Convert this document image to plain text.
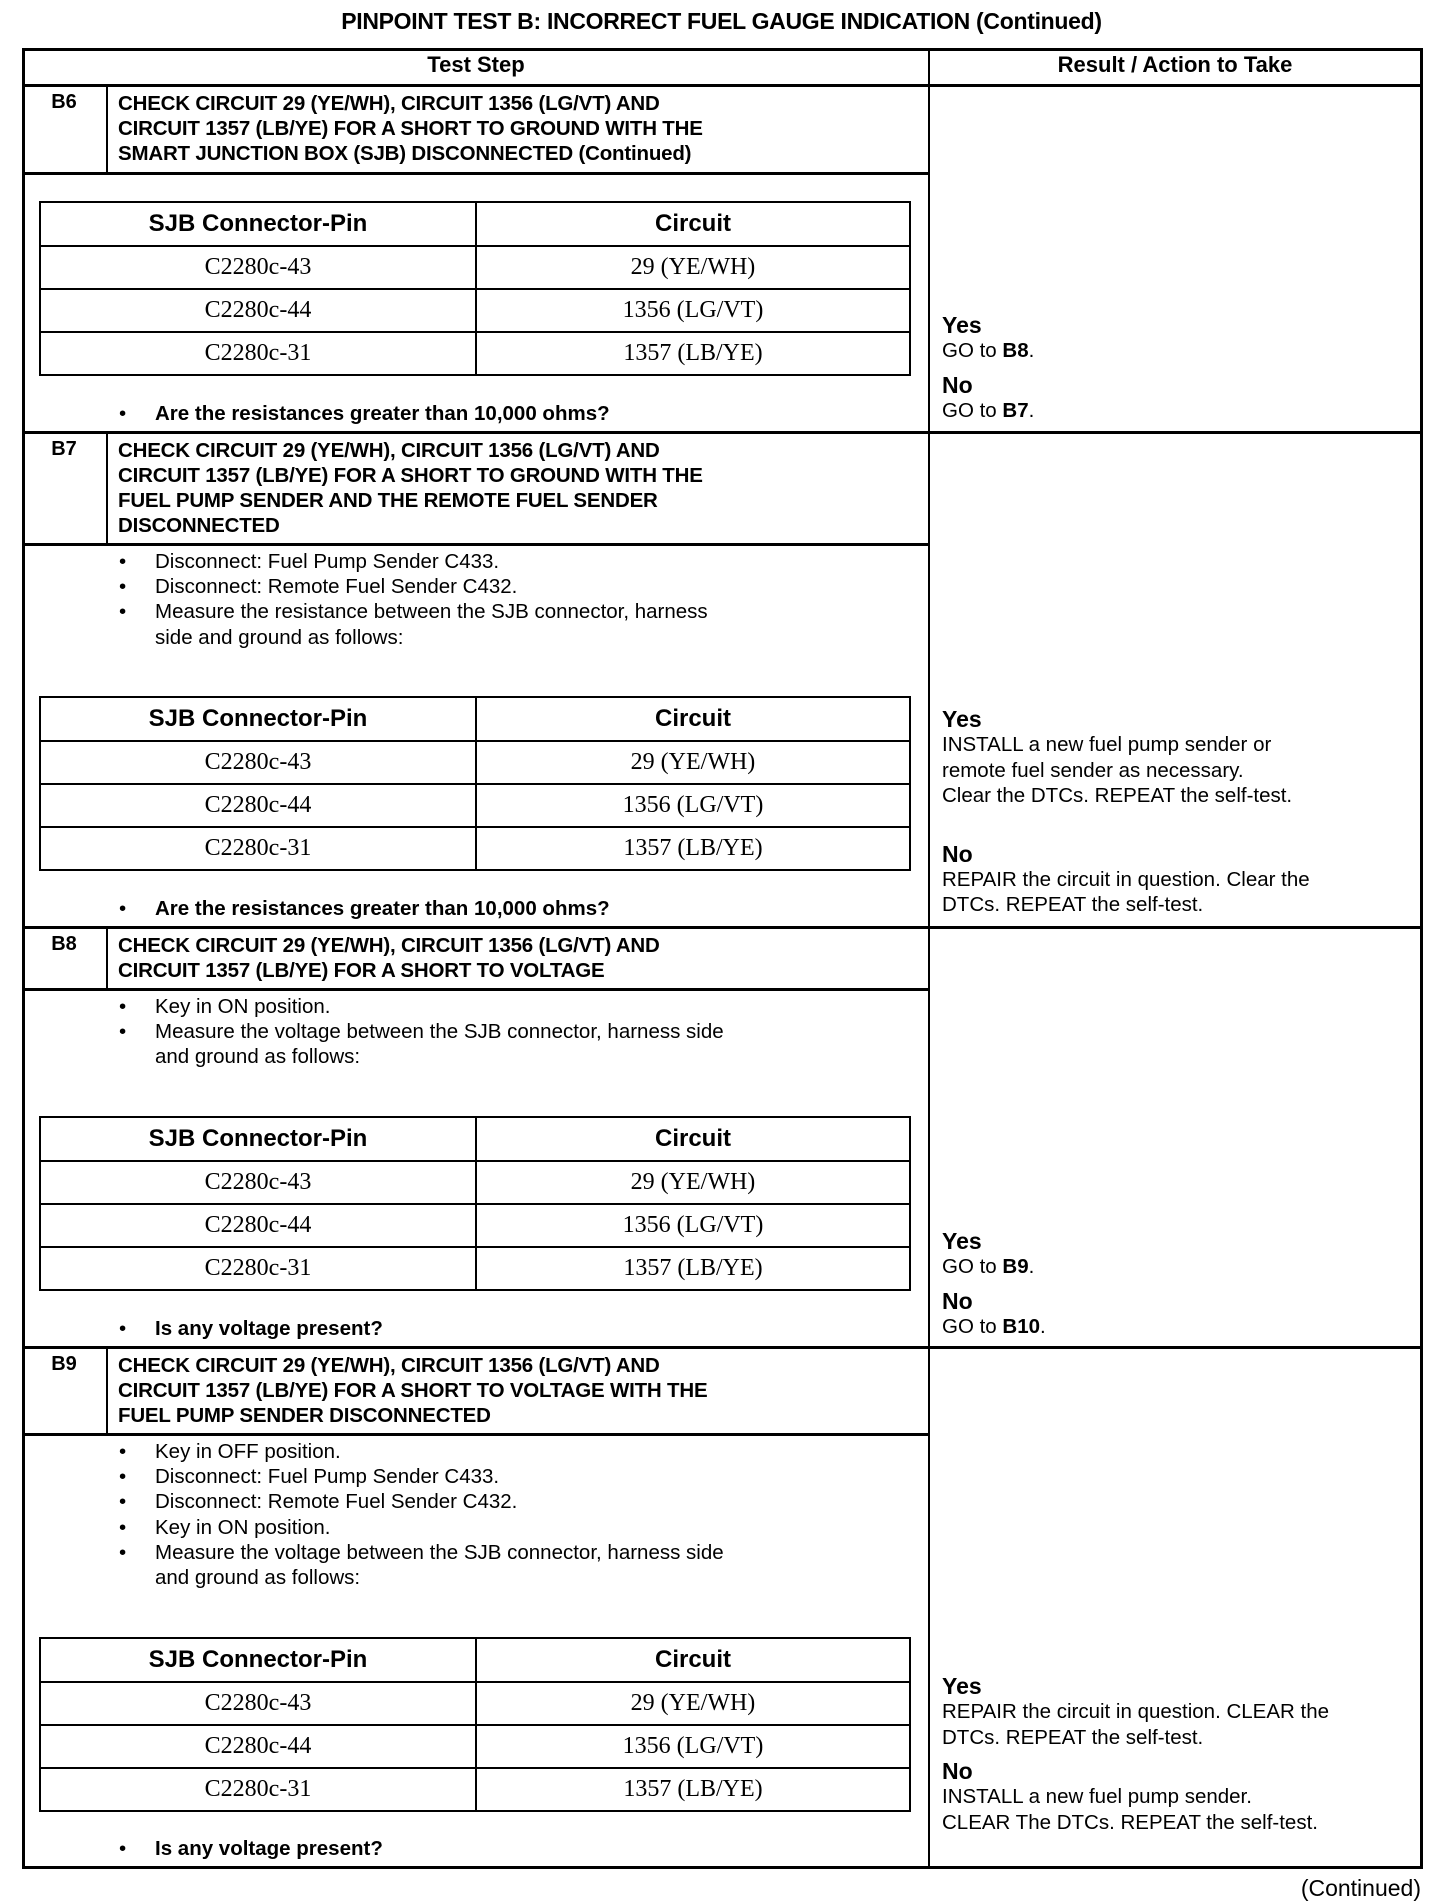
PINPOINT TEST B: INCORRECT FUEL GAUGE INDICATION (Continued)
Test Step	Result / Action to Take
B6	CHECK CIRCUIT 29 (YE/WH), CIRCUIT 1356 (LG/VT) AND
CIRCUIT 1357 (LB/YE) FOR A SHORT TO GROUND WITH THE
SMART JUNCTION BOX (SJB) DISCONNECTED (Continued)
SJB Connector-Pin	Circuit
C2280c-43	29 (YE/WH)
C2280c-44	1356 (LG/VT)
C2280c-31	1357 (LB/YE)
• Are the resistances greater than 10,000 ohms?
Yes
GO to B8.
No
GO to B7.
B7	CHECK CIRCUIT 29 (YE/WH), CIRCUIT 1356 (LG/VT) AND
CIRCUIT 1357 (LB/YE) FOR A SHORT TO GROUND WITH THE
FUEL PUMP SENDER AND THE REMOTE FUEL SENDER
DISCONNECTED
• Disconnect: Fuel Pump Sender C433.
• Disconnect: Remote Fuel Sender C432.
• Measure the resistance between the SJB connector, harness
side and ground as follows:
SJB Connector-Pin	Circuit
C2280c-43	29 (YE/WH)
C2280c-44	1356 (LG/VT)
C2280c-31	1357 (LB/YE)
• Are the resistances greater than 10,000 ohms?
Yes
INSTALL a new fuel pump sender or
remote fuel sender as necessary.
Clear the DTCs. REPEAT the self-test.
No
REPAIR the circuit in question. Clear the
DTCs. REPEAT the self-test.
B8	CHECK CIRCUIT 29 (YE/WH), CIRCUIT 1356 (LG/VT) AND
CIRCUIT 1357 (LB/YE) FOR A SHORT TO VOLTAGE
• Key in ON position.
• Measure the voltage between the SJB connector, harness side
and ground as follows:
SJB Connector-Pin	Circuit
C2280c-43	29 (YE/WH)
C2280c-44	1356 (LG/VT)
C2280c-31	1357 (LB/YE)
• Is any voltage present?
Yes
GO to B9.
No
GO to B10.
B9	CHECK CIRCUIT 29 (YE/WH), CIRCUIT 1356 (LG/VT) AND
CIRCUIT 1357 (LB/YE) FOR A SHORT TO VOLTAGE WITH THE
FUEL PUMP SENDER DISCONNECTED
• Key in OFF position.
• Disconnect: Fuel Pump Sender C433.
• Disconnect: Remote Fuel Sender C432.
• Key in ON position.
• Measure the voltage between the SJB connector, harness side
and ground as follows:
SJB Connector-Pin	Circuit
C2280c-43	29 (YE/WH)
C2280c-44	1356 (LG/VT)
C2280c-31	1357 (LB/YE)
• Is any voltage present?
Yes
REPAIR the circuit in question. CLEAR the
DTCs. REPEAT the self-test.
No
INSTALL a new fuel pump sender.
CLEAR The DTCs. REPEAT the self-test.
(Continued)
